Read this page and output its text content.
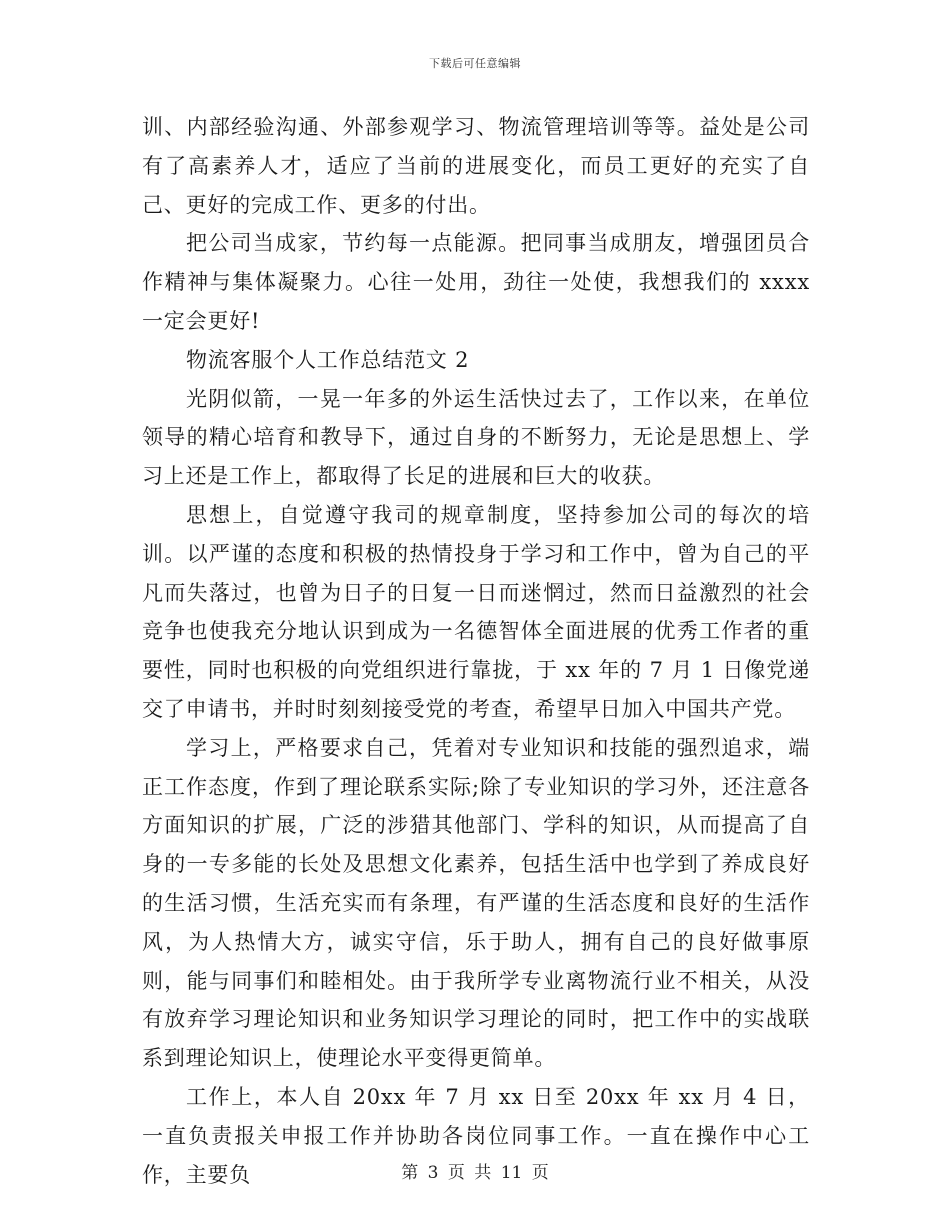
下载后可任意编辑

训、内部经验沟通、外部参观学习、物流管理培训等等。益处是公司有了高素养人才，适应了当前的进展变化，而员工更好的充实了自己、更好的完成工作、更多的付出。

把公司当成家，节约每一点能源。把同事当成朋友，增强团员合作精神与集体凝聚力。心往一处用，劲往一处使，我想我们的 xxxx 一定会更好!

物流客服个人工作总结范文 2

光阴似箭，一晃一年多的外运生活快过去了，工作以来，在单位领导的精心培育和教导下，通过自身的不断努力，无论是思想上、学习上还是工作上，都取得了长足的进展和巨大的收获。

思想上，自觉遵守我司的规章制度，坚持参加公司的每次的培训。以严谨的态度和积极的热情投身于学习和工作中，曾为自己的平凡而失落过，也曾为日子的日复一日而迷惘过，然而日益激烈的社会竞争也使我充分地认识到成为一名德智体全面进展的优秀工作者的重要性，同时也积极的向党组织进行靠拢，于 xx 年的 7 月 1 日像党递交了申请书，并时时刻刻接受党的考查，希望早日加入中国共产党。

学习上，严格要求自己，凭着对专业知识和技能的强烈追求，端正工作态度，作到了理论联系实际;除了专业知识的学习外，还注意各方面知识的扩展，广泛的涉猎其他部门、学科的知识，从而提高了自身的一专多能的长处及思想文化素养，包括生活中也学到了养成良好的生活习惯，生活充实而有条理，有严谨的生活态度和良好的生活作风，为人热情大方，诚实守信，乐于助人，拥有自己的良好做事原则，能与同事们和睦相处。由于我所学专业离物流行业不相关，从没有放弃学习理论知识和业务知识学习理论的同时，把工作中的实战联系到理论知识上，使理论水平变得更简单。

工作上，本人自 20xx 年 7 月 xx 日至 20xx 年 xx 月 4 日，一直负责报关申报工作并协助各岗位同事工作。一直在操作中心工作，主要负	第 3 页 共 11 页
